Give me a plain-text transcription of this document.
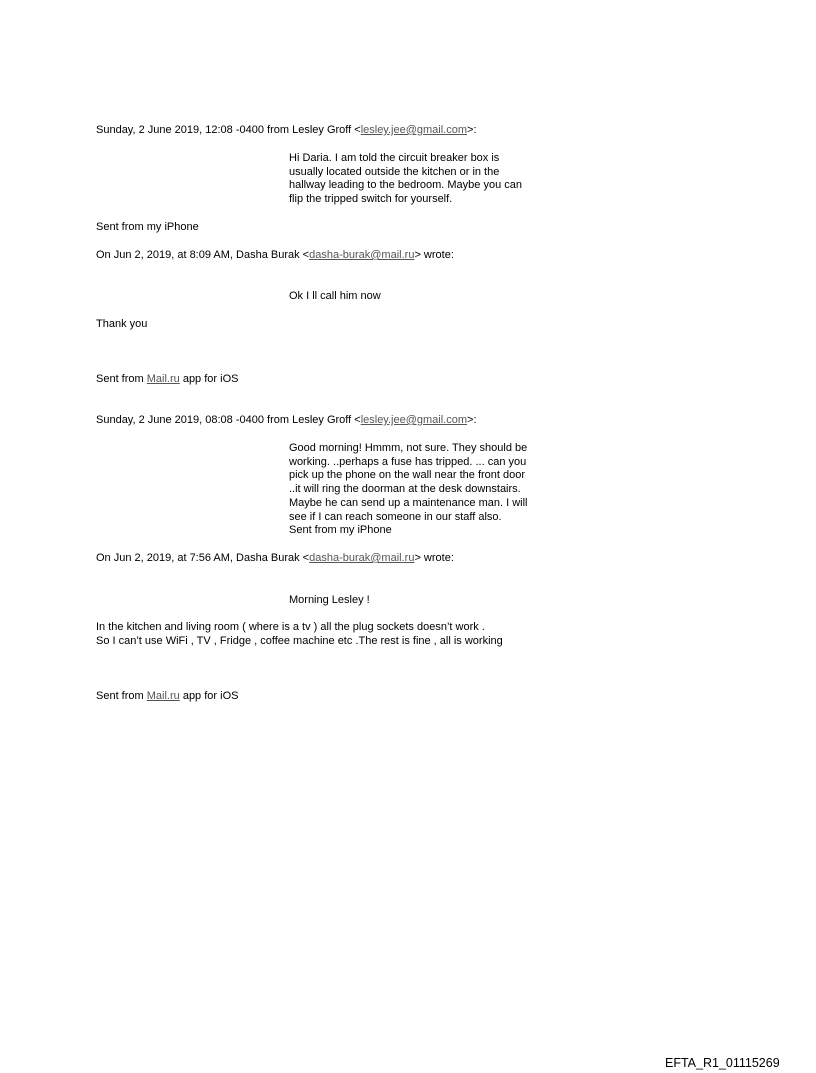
Sunday, 2 June 2019, 12:08 -0400 from Lesley Groff <lesley.jee@gmail.com>:
Hi Daria. I am told the circuit breaker box is
usually located outside the kitchen or in the
hallway leading to the bedroom. Maybe you can
flip the tripped switch for yourself.
Sent from my iPhone
On Jun 2, 2019, at 8:09 AM, Dasha Burak <dasha-burak@mail.ru> wrote:
Ok I ll call him now
Thank you
Sent from Mail.ru app for iOS
Sunday, 2 June 2019, 08:08 -0400 from Lesley Groff <lesley.jee@gmail.com>:
Good morning! Hmmm, not sure. They should be
working. ..perhaps a fuse has tripped. ... can you
pick up the phone on the wall near the front door
..it will ring the doorman at the desk downstairs.
Maybe he can send up a maintenance man. I will
see if I can reach someone in our staff also.
Sent from my iPhone
On Jun 2, 2019, at 7:56 AM, Dasha Burak <dasha-burak@mail.ru> wrote:
Morning Lesley !
In the kitchen and living room ( where is a tv ) all the plug sockets doesn’t work .
So I can’t use WiFi , TV , Fridge , coffee machine etc .The rest is fine , all is working
Sent from Mail.ru app for iOS
EFTA_R1_01115269
